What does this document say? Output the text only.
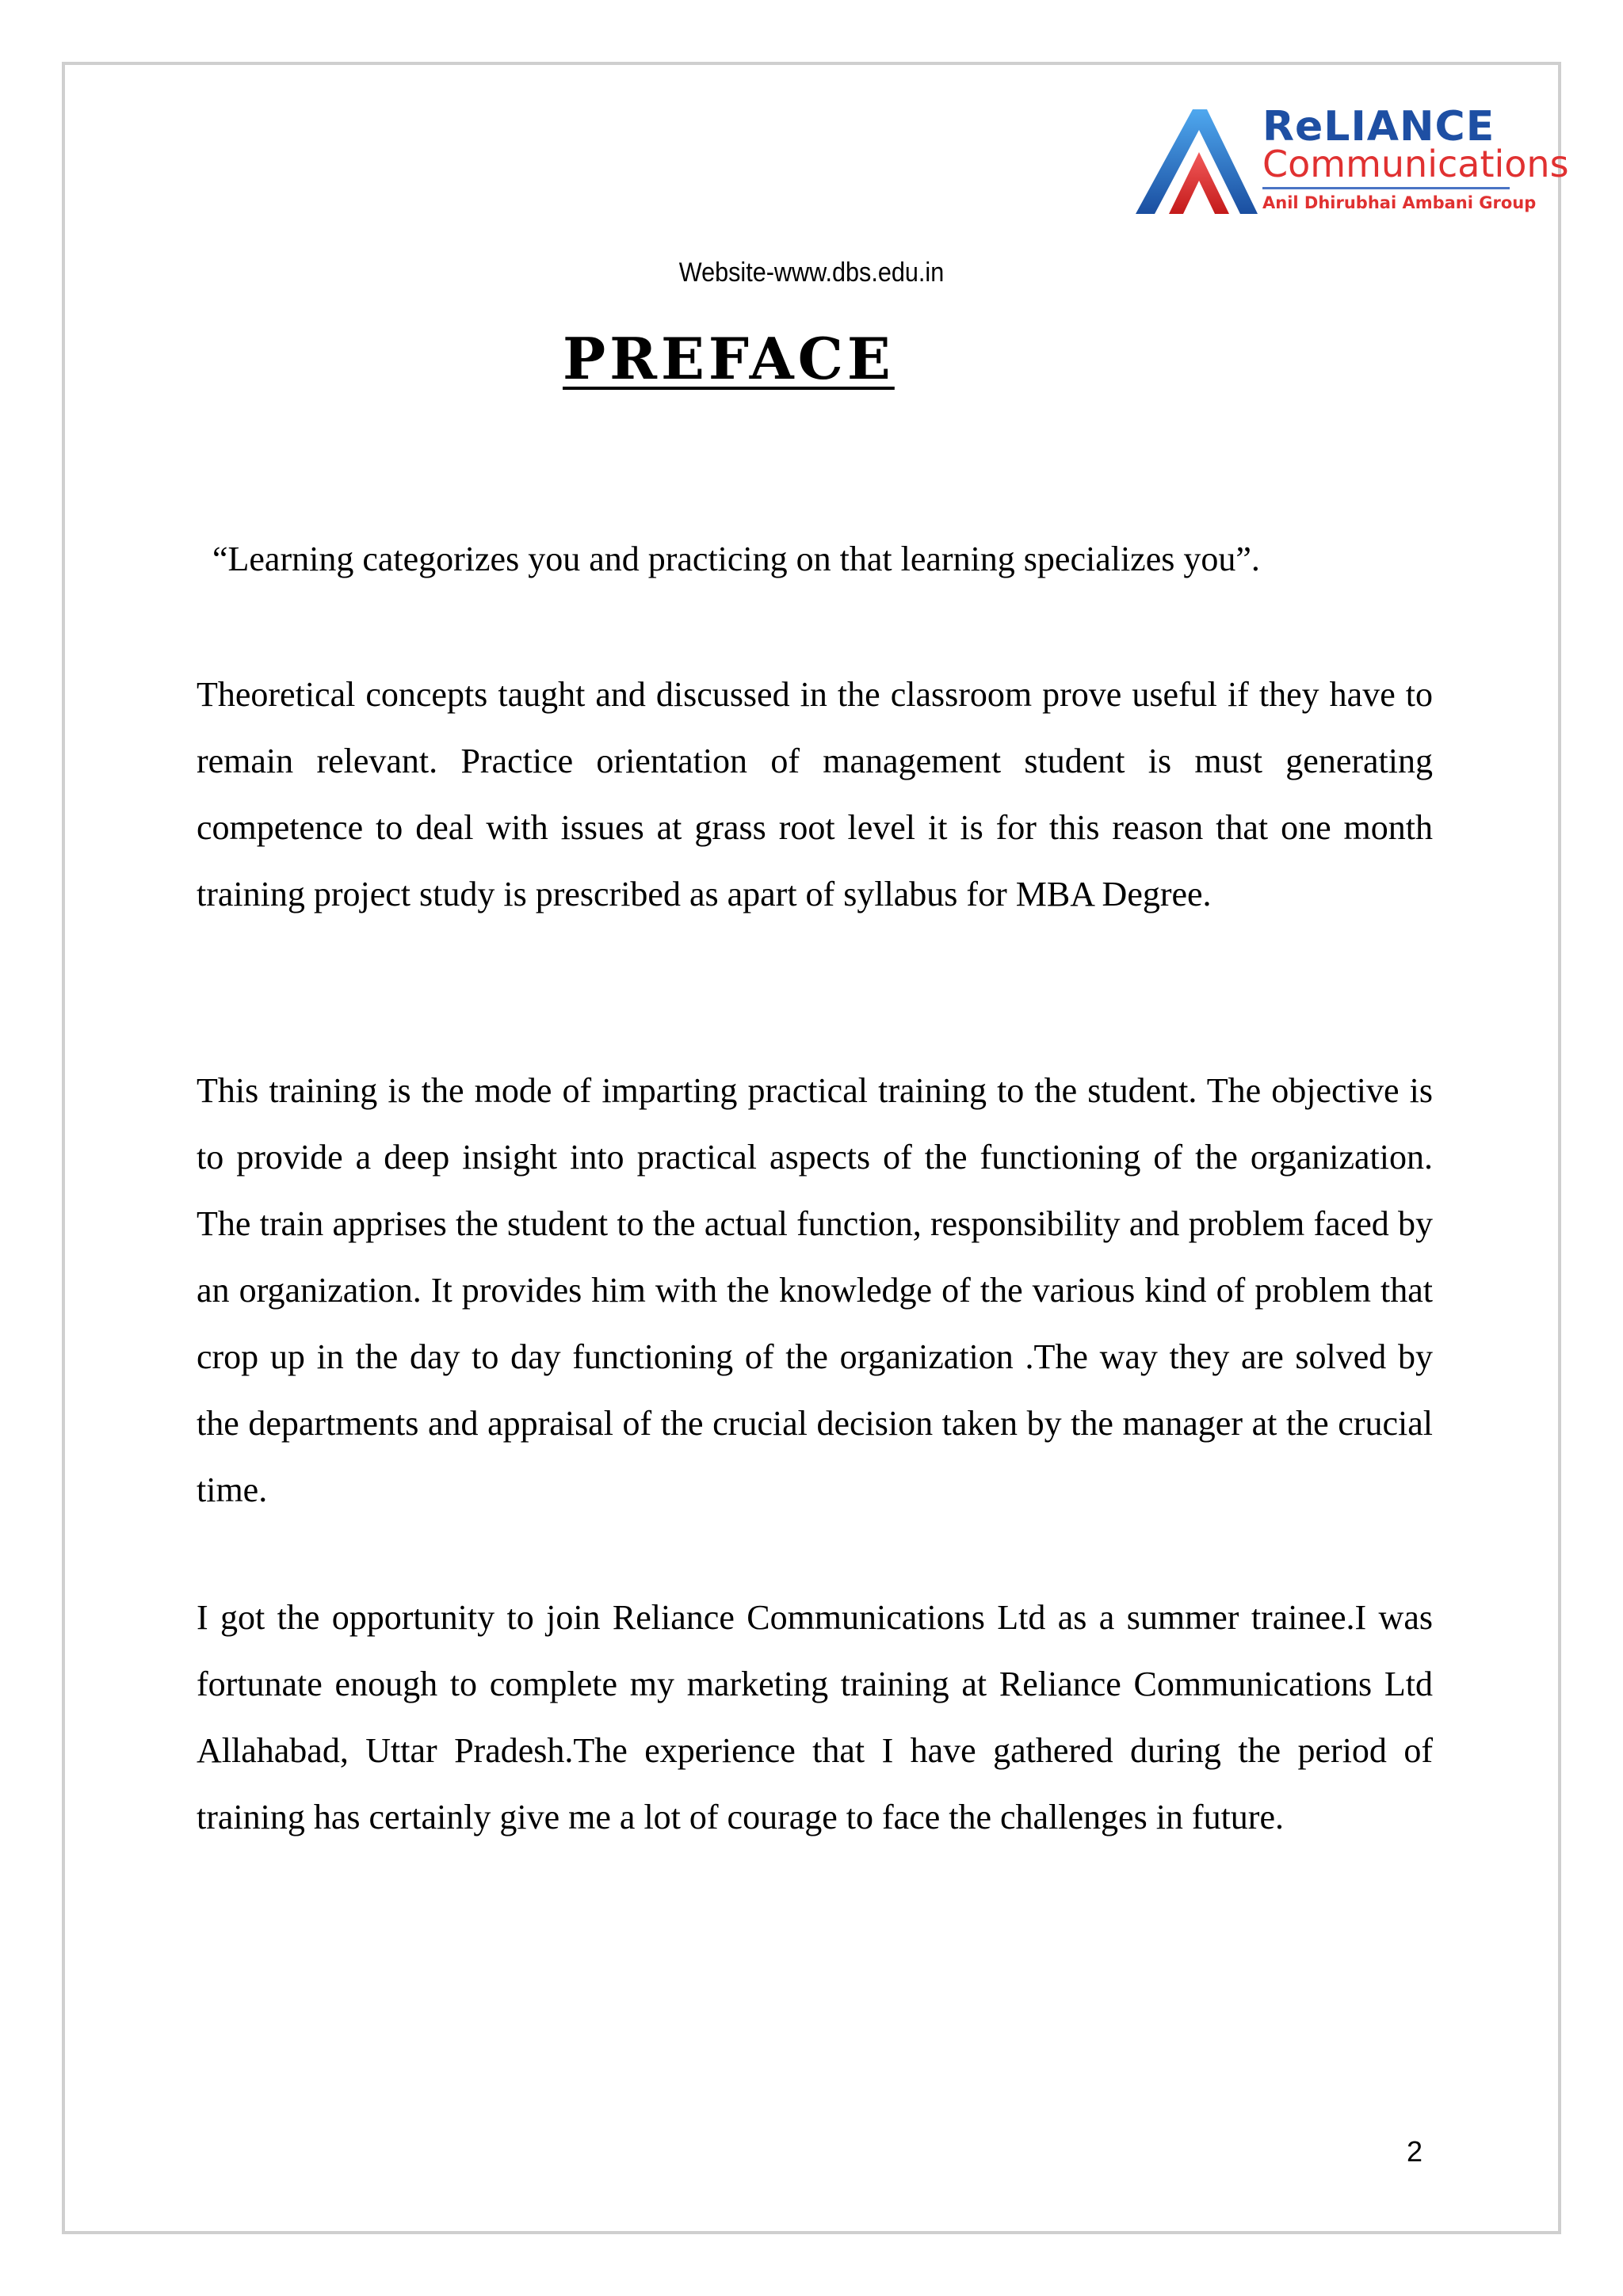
ReLIANCE
Communications
Anil Dhirubhai Ambani Group
Website-www.dbs.edu.in
PREFACE
“Learning categorizes you and practicing on that learning specializes you”.

Theoretical concepts taught and discussed in the classroom prove useful if they have to remain relevant. Practice orientation of management student is must generating competence to deal with issues at grass root level it is for this reason that one month training project study is prescribed as apart of syllabus for MBA Degree.

This training is the mode of imparting practical training to the student. The objective is to provide a deep insight into practical aspects of the functioning of the organization. The train apprises the student to the actual function, responsibility and problem faced by an organization. It provides him with the knowledge of the various kind of problem that crop up in the day to day functioning of the organization .The way they are solved by the departments and appraisal of the crucial decision taken by the manager at the crucial time.

I got the opportunity to join Reliance Communications Ltd as a summer trainee.I was fortunate enough to complete my marketing training at Reliance Communications Ltd Allahabad, Uttar Pradesh.The experience that I have gathered during the period of training has certainly give me a lot of courage to face the challenges in future.

2
